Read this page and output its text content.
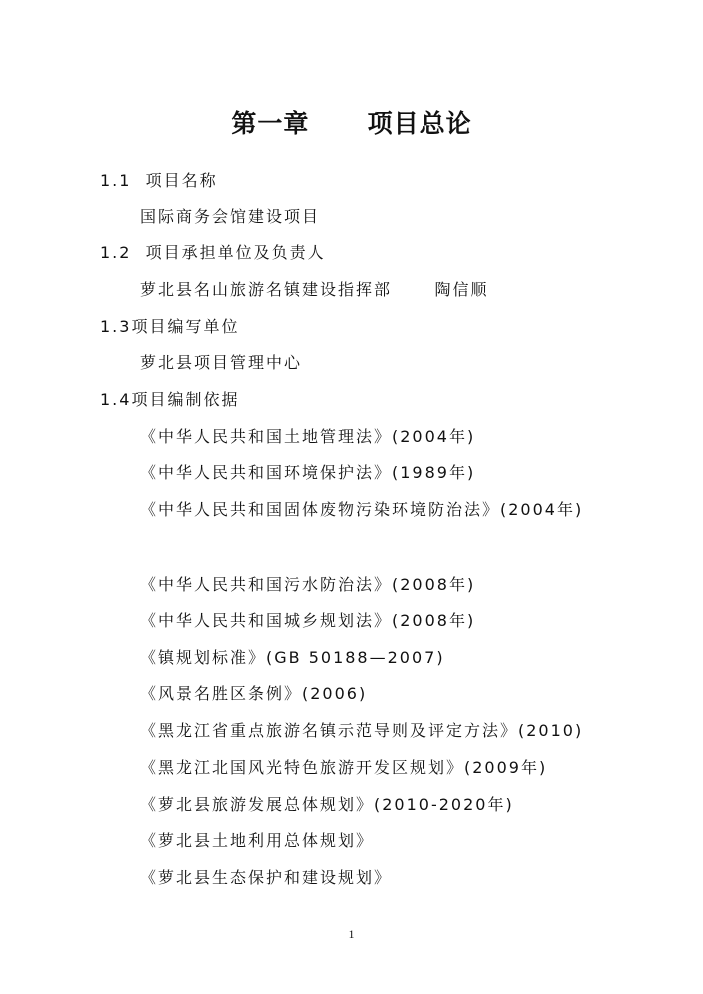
第一章      项目总论
1.1  项目名称
国际商务会馆建设项目
1.2  项目承担单位及负责人
萝北县名山旅游名镇建设指挥部      陶信顺
1.3项目编写单位
萝北县项目管理中心
1.4项目编制依据
《中华人民共和国土地管理法》(2004年)
《中华人民共和国环境保护法》(1989年)
《中华人民共和国固体废物污染环境防治法》(2004年)
《中华人民共和国污水防治法》(2008年)
《中华人民共和国城乡规划法》(2008年)
《镇规划标准》(GB 50188—2007)
《风景名胜区条例》(2006)
《黑龙江省重点旅游名镇示范导则及评定方法》(2010)
《黑龙江北国风光特色旅游开发区规划》(2009年)
《萝北县旅游发展总体规划》(2010-2020年)
《萝北县土地利用总体规划》
《萝北县生态保护和建设规划》
1
